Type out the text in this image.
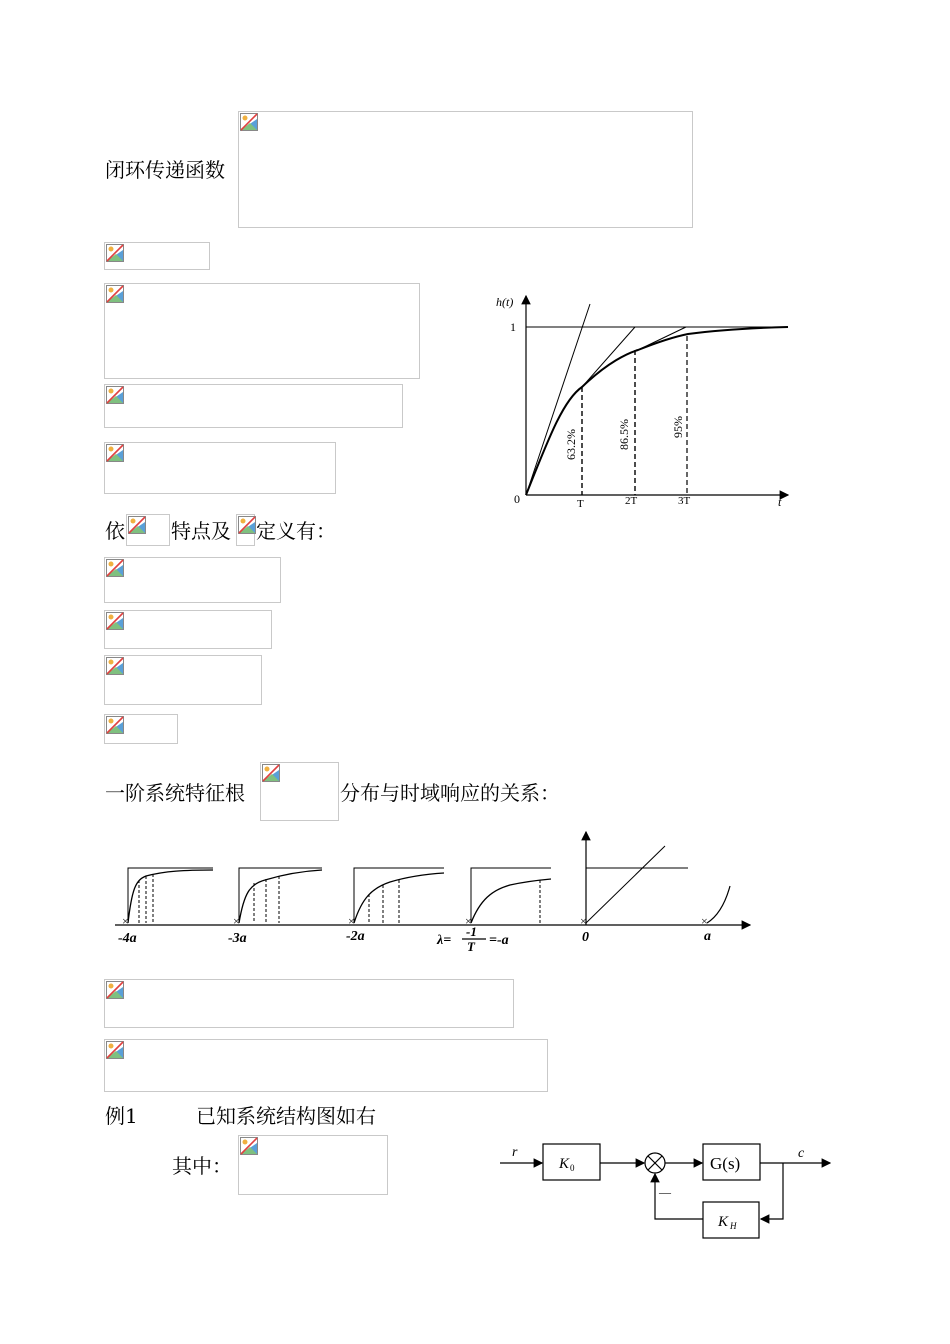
闭环传递函数
h(t)
t
1
0	T	2T	3T
63.2%	86.5%	95%
依 特点及 定义有：
一阶系统特征根	分布与时域响应的关系：
×	×	×	×	×	×
-4a	-3a	-2a	λ=
-1
T =-a	0	a
例1	已知系统结构图如右
其中：
r
K 0	G(s)
c
K H
—
